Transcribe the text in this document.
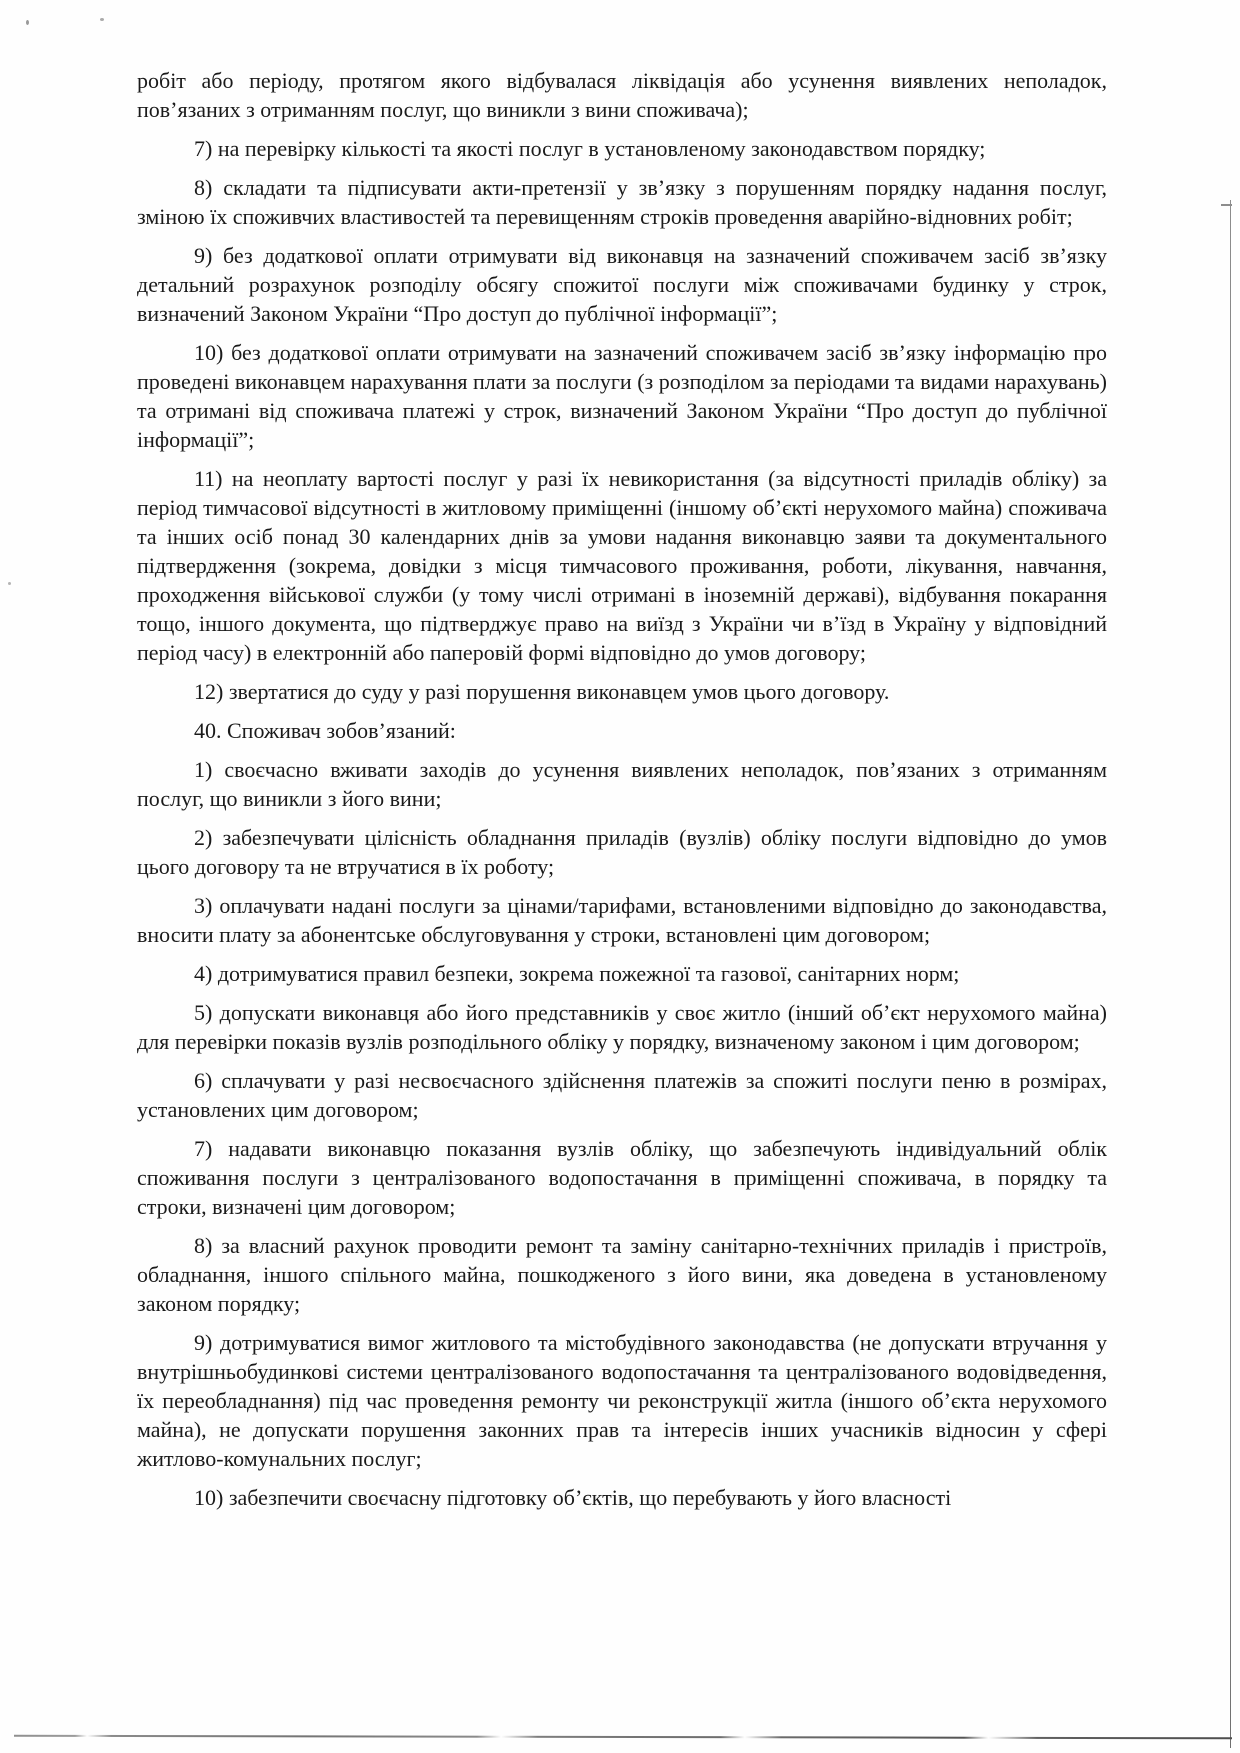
робіт або періоду, протягом якого відбувалася ліквідація або усунення виявлених неполадок, пов’язаних з отриманням послуг, що виникли з вини споживача);

7) на перевірку кількості та якості послуг в установленому законодавством порядку;

8) складати та підписувати акти-претензії у зв’язку з порушенням порядку надання послуг, зміною їх споживчих властивостей та перевищенням строків проведення аварійно-відновних робіт;

9) без додаткової оплати отримувати від виконавця на зазначений споживачем засіб зв’язку детальний розрахунок розподілу обсягу спожитої послуги між споживачами будинку у строк, визначений Законом України “Про доступ до публічної інформації”;

10) без додаткової оплати отримувати на зазначений споживачем засіб зв’язку інформацію про проведені виконавцем нарахування плати за послуги (з розподілом за періодами та видами нарахувань) та отримані від споживача платежі у строк, визначений Законом України “Про доступ до публічної інформації”;

11) на неоплату вартості послуг у разі їх невикористання (за відсутності приладів обліку) за період тимчасової відсутності в житловому приміщенні (іншому об’єкті нерухомого майна) споживача та інших осіб понад 30 календарних днів за умови надання виконавцю заяви та документального підтвердження (зокрема, довідки з місця тимчасового проживання, роботи, лікування, навчання, проходження військової служби (у тому числі отримані в іноземній державі), відбування покарання тощо, іншого документа, що підтверджує право на виїзд з України чи в’їзд в Україну у відповідний період часу) в електронній або паперовій формі відповідно до умов договору;

12) звертатися до суду у разі порушення виконавцем умов цього договору.

40. Споживач зобов’язаний:

1) своєчасно вживати заходів до усунення виявлених неполадок, пов’язаних з отриманням послуг, що виникли з його вини;

2) забезпечувати цілісність обладнання приладів (вузлів) обліку послуги відповідно до умов цього договору та не втручатися в їх роботу;

3) оплачувати надані послуги за цінами/тарифами, встановленими відповідно до законодавства, вносити плату за абонентське обслуговування у строки, встановлені цим договором;

4) дотримуватися правил безпеки, зокрема пожежної та газової, санітарних норм;

5) допускати виконавця або його представників у своє житло (інший об’єкт нерухомого майна) для перевірки показів вузлів розподільного обліку у порядку, визначеному законом і цим договором;

6) сплачувати у разі несвоєчасного здійснення платежів за спожиті послуги пеню в розмірах, установлених цим договором;

7) надавати виконавцю показання вузлів обліку, що забезпечують індивідуальний облік споживання послуги з централізованого водопостачання в приміщенні споживача, в порядку та строки, визначені цим договором;

8) за власний рахунок проводити ремонт та заміну санітарно-технічних приладів і пристроїв, обладнання, іншого спільного майна, пошкодженого з його вини, яка доведена в установленому законом порядку;

9) дотримуватися вимог житлового та містобудівного законодавства (не допускати втручання у внутрішньобудинкові системи централізованого водопостачання та централізованого водовідведення, їх переобладнання) під час проведення ремонту чи реконструкції житла (іншого об’єкта нерухомого майна), не допускати порушення законних прав та інтересів інших учасників відносин у сфері житлово-комунальних послуг;

10) забезпечити своєчасну підготовку об’єктів, що перебувають у його власності
